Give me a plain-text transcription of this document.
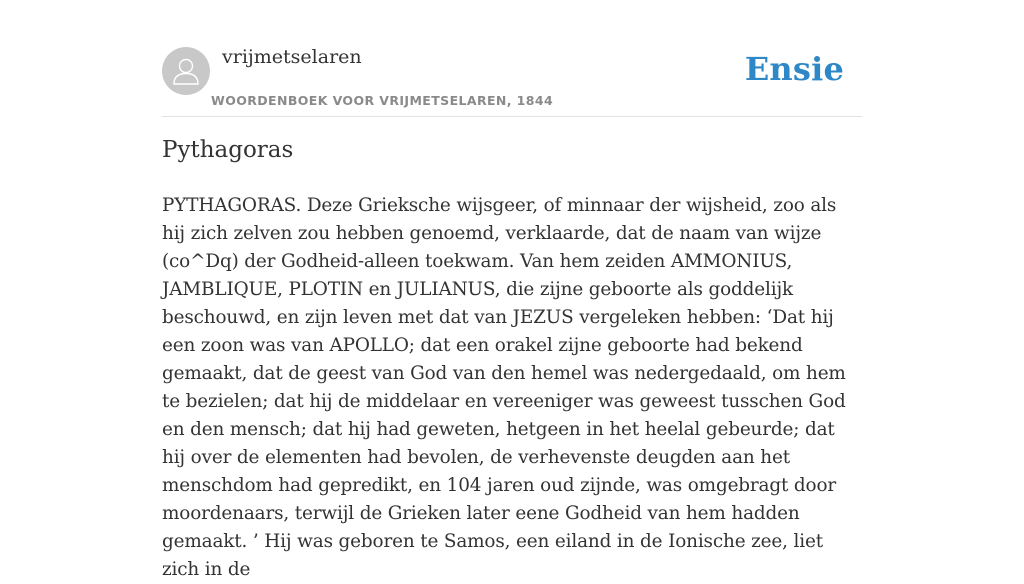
vrijmetselaren
WOORDENBOEK VOOR VRIJMETSELAREN, 1844
Ensie
Pythagoras

PYTHAGORAS. Deze Grieksche wijsgeer, of minnaar der wijsheid, zoo als hij zich zelven zou hebben genoemd, verklaarde, dat de naam van wijze (co^Dq) der Godheid-alleen toekwam. Van hem zeiden AMMONIUS, JAMBLIQUE, PLOTIN en JULIANUS, die zijne geboorte als goddelijk beschouwd, en zijn leven met dat van JEZUS vergeleken hebben: ‘Dat hij een zoon was van APOLLO; dat een orakel zijne geboorte had bekend gemaakt, dat de geest van God van den hemel was nedergedaald, om hem te bezielen; dat hij de middelaar en vereeniger was geweest tusschen God en den mensch; dat hij had geweten, hetgeen in het heelal gebeurde; dat hij over de elementen had bevolen, de verhevenste deugden aan het menschdom had gepredikt, en 104 jaren oud zijnde, was omgebragt door moordenaars, terwijl de Grieken later eene Godheid van hem hadden gemaakt. ’ Hij was geboren te Samos, een eiland in de Ionische zee, liet zich in de
